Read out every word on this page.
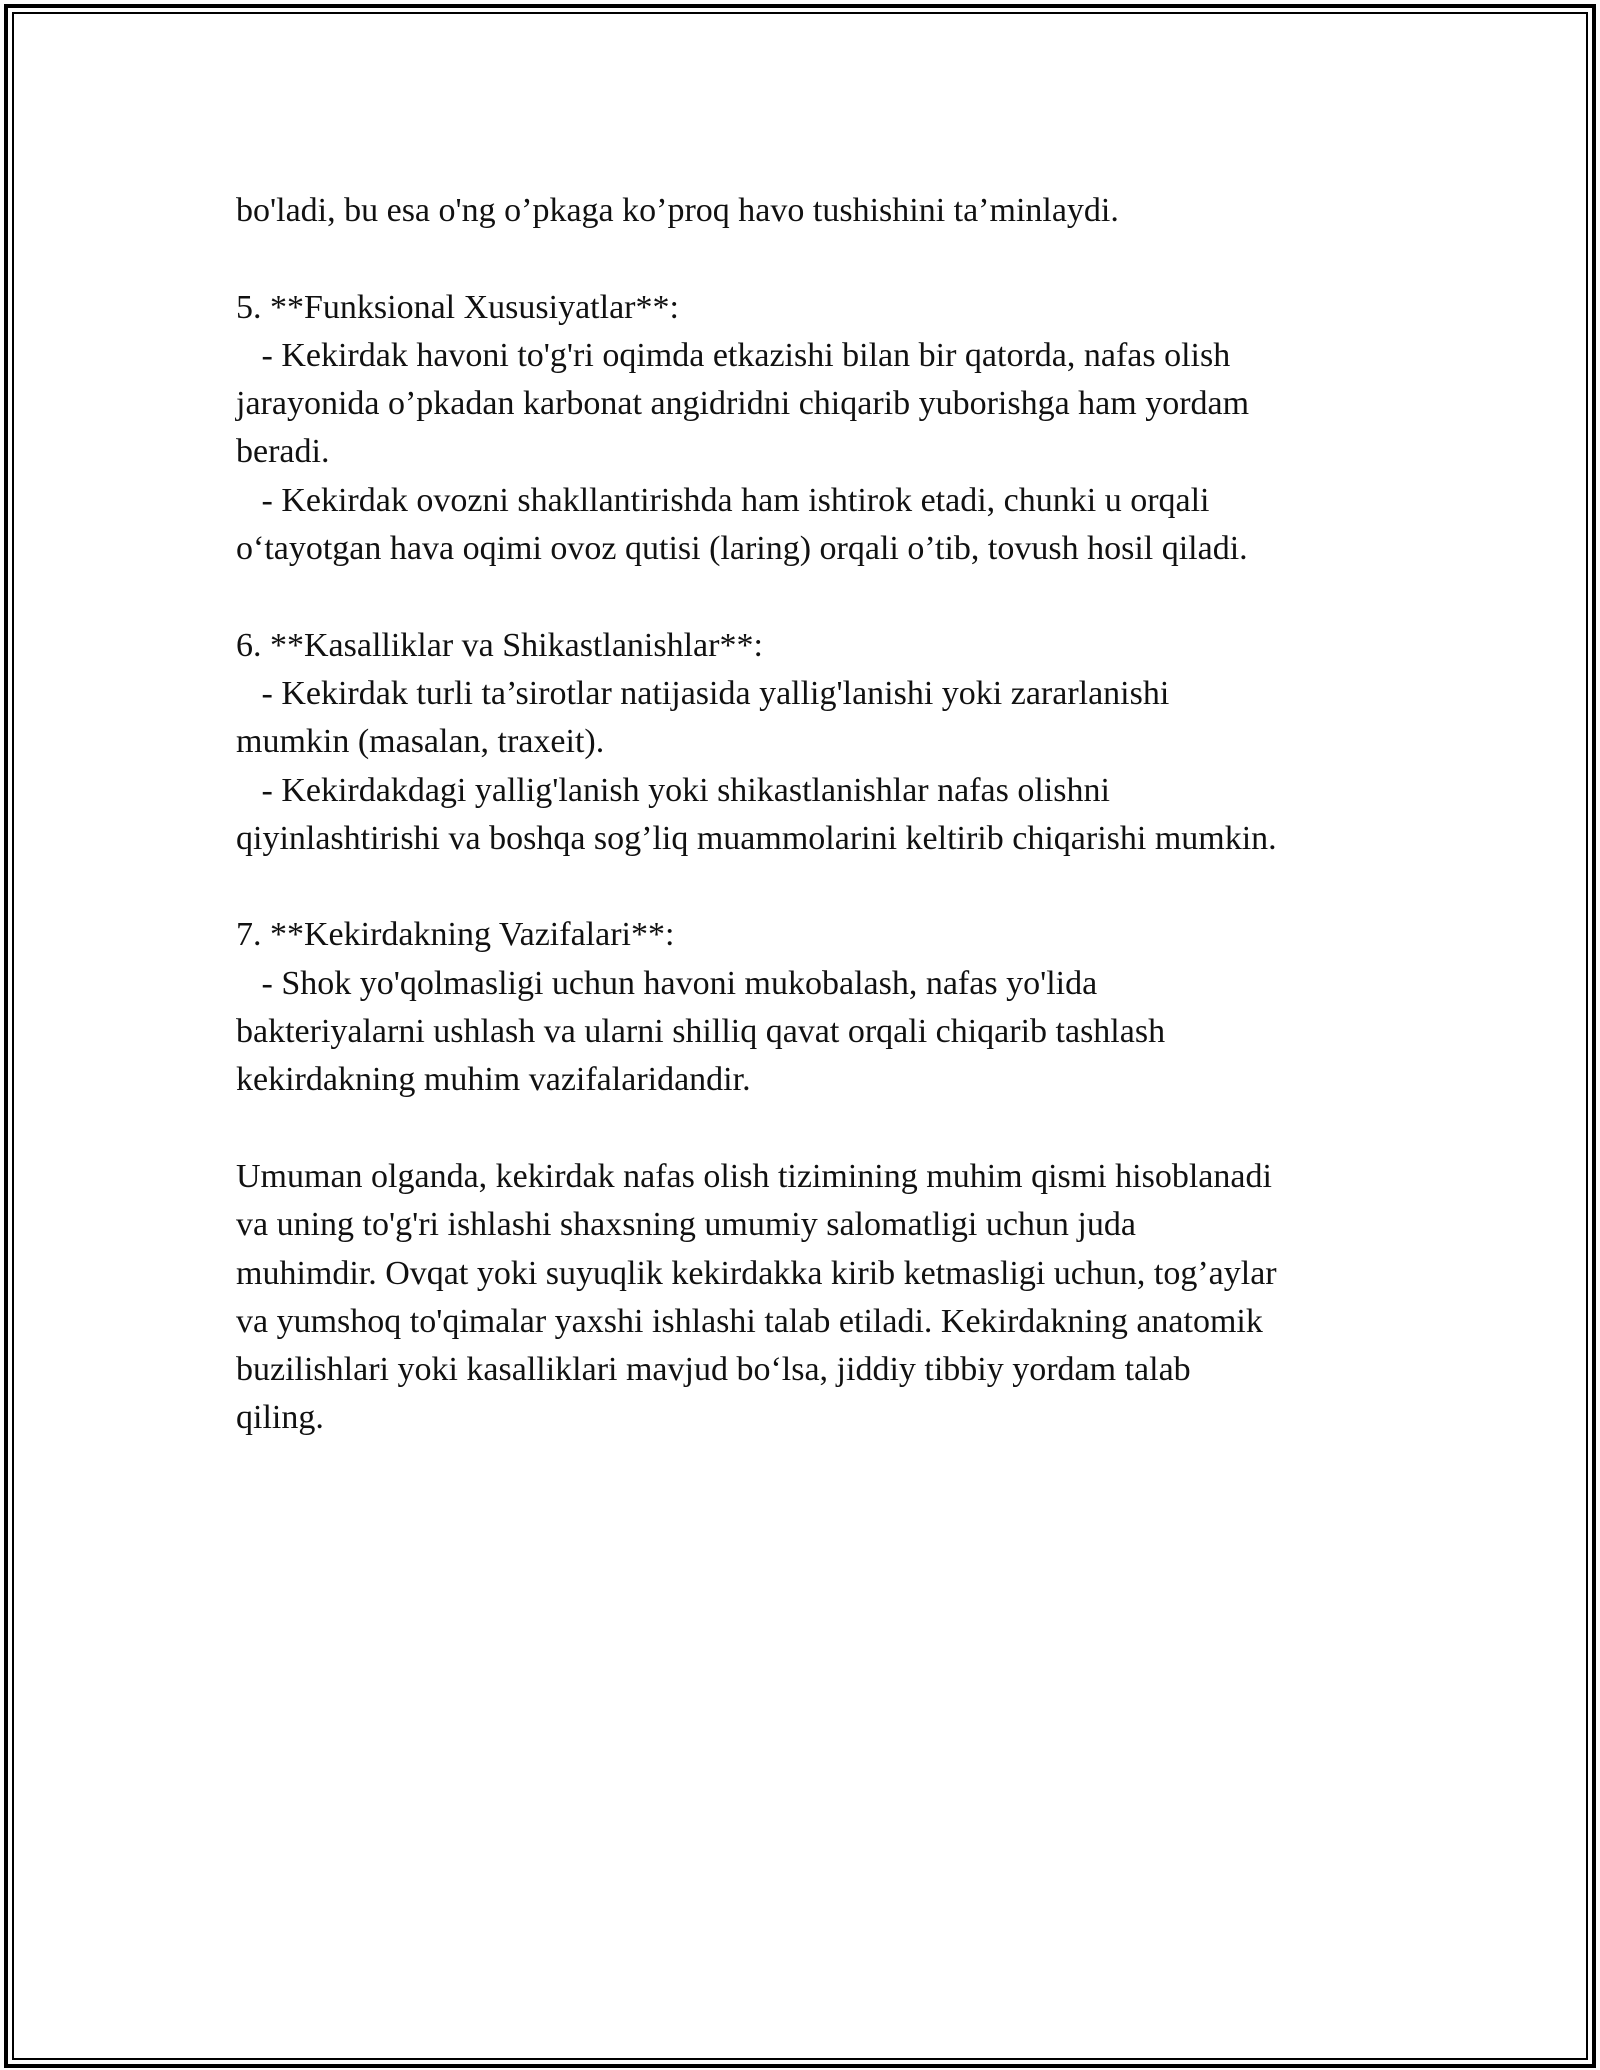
bo'ladi, bu esa o'ng o’pkaga ko’proq havo tushishini ta’minlaydi.
5. **Funksional Xususiyatlar**:
- Kekirdak havoni to'g'ri oqimda etkazishi bilan bir qatorda, nafas olish
jarayonida o’pkadan karbonat angidridni chiqarib yuborishga ham yordam
beradi.
- Kekirdak ovozni shakllantirishda ham ishtirok etadi, chunki u orqali
o‘tayotgan hava oqimi ovoz qutisi (laring) orqali o’tib, tovush hosil qiladi.
6. **Kasalliklar va Shikastlanishlar**:
- Kekirdak turli ta’sirotlar natijasida yallig'lanishi yoki zararlanishi
mumkin (masalan, traxeit).
- Kekirdakdagi yallig'lanish yoki shikastlanishlar nafas olishni
qiyinlashtirishi va boshqa sog’liq muammolarini keltirib chiqarishi mumkin.
7. **Kekirdakning Vazifalari**:
- Shok yo'qolmasligi uchun havoni mukobalash, nafas yo'lida
bakteriyalarni ushlash va ularni shilliq qavat orqali chiqarib tashlash
kekirdakning muhim vazifalaridandir.
Umuman olganda, kekirdak nafas olish tizimining muhim qismi hisoblanadi
va uning to'g'ri ishlashi shaxsning umumiy salomatligi uchun juda
muhimdir. Ovqat yoki suyuqlik kekirdakka kirib ketmasligi uchun, tog’aylar
va yumshoq to'qimalar yaxshi ishlashi talab etiladi. Kekirdakning anatomik
buzilishlari yoki kasalliklari mavjud bo‘lsa, jiddiy tibbiy yordam talab
qiling.
